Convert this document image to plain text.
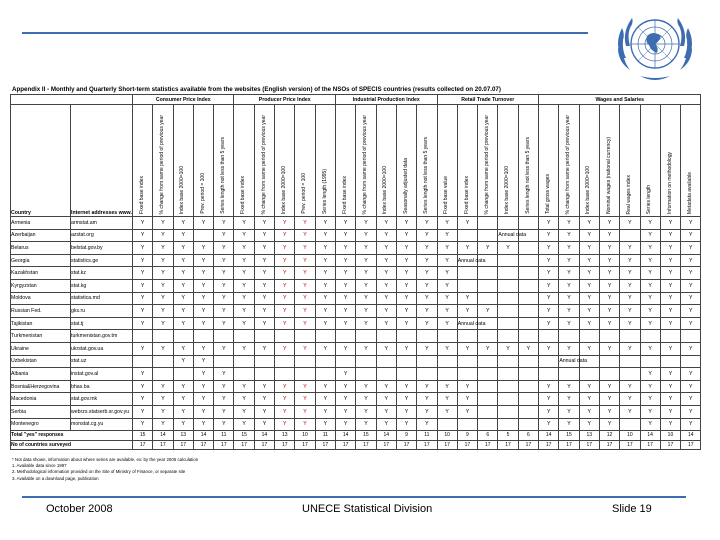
Appendix II - Monthly and Quarterly Short-term statistics available from the websites (English version) of the NSOs of SPECIS countries (results collected on 20.07.07)
		Consumer Price Index					Producer Price Index					Industrial Production Index					Retail Trade Turnover					Wages and Salaries							
Country	Internet addresses www.	Fixed base index	% change from same period of previous year	Index base 2000=100	Prev. period = 100	Series length not less than 5 years	Fixed base index	% change from same period of previous year	Index base 2000=100	Prev. period = 100	Series length (1995)	Fixed base index	% change from same period of previous year	Index base 2000=100	Seasonally adjusted data	Series length not less than 5 years	Fixed base value	Fixed base index	% change from same period of previous year	Index base 2000=100	Series length not less than 5 years	Total gross wages	% change from same period of previous year	Index base 2000=100	Nominal wages (national currency)	Real wages index	Series length	Information on methodology	Metadata available

Armenia	armstat.am	Y	Y	Y	Y	Y	Y	Y	Y	Y	Y	Y	Y	Y	Y	Y	Y	Y				Y	Y	Y	Y	Y	Y	Y	Y
Azerbaijan	azstat.org	Y	Y	Y		Y	Y	Y	Y	Y	Y	Y	Y	Y	Y	Y	Y			Annual data		Y	Y	Y	Y		Y	Y	Y
Belarus	belstat.gov.by	Y	Y	Y	Y	Y	Y	Y	Y	Y	Y	Y	Y	Y	Y	Y	Y	Y	Y	Y		Y	Y	Y	Y	Y	Y	Y	Y
Georgia	statistics.ge	Y	Y	Y	Y	Y	Y	Y	Y	Y	Y	Y	Y	Y	Y	Y	Y	Annual data				Y	Y	Y	Y	Y	Y	Y	Y
Kazakhstan	stat.kz	Y	Y	Y	Y	Y	Y	Y	Y	Y	Y	Y	Y	Y	Y	Y	Y					Y	Y	Y	Y	Y	Y	Y	Y
Kyrgyzstan	stat.kg	Y	Y	Y	Y	Y	Y	Y	Y	Y	Y	Y	Y	Y	Y	Y	Y					Y	Y	Y	Y	Y	Y	Y	Y
Moldova	statistica.md	Y	Y	Y	Y	Y	Y	Y	Y	Y	Y	Y	Y	Y	Y	Y	Y	Y				Y	Y	Y	Y	Y	Y	Y	Y
Russian Fed.	gks.ru	Y	Y	Y	Y	Y	Y	Y	Y	Y	Y	Y	Y	Y	Y	Y	Y	Y	Y			Y	Y	Y	Y	Y	Y	Y	Y
Tajikistan	stat.tj	Y	Y	Y	Y	Y	Y	Y	Y	Y	Y	Y	Y	Y	Y	Y	Y	Annual data				Y	Y	Y	Y	Y	Y	Y	Y
Turkmenistan	turkmenistan.gov.tm																												
Ukraine	ukrstat.gov.ua	Y	Y	Y	Y	Y	Y	Y	Y	Y	Y	Y	Y	Y	Y	Y	Y	Y	Y	Y	Y	Y	Y	Y	Y	Y	Y	Y	Y
Uzbekistan	stat.uz			Y	Y																		Annual data						
Albania	instat.gov.al	Y			Y	Y						Y															Y	Y	Y
Bosnia&Herzegovina	bhas.ba	Y	Y	Y	Y	Y	Y	Y	Y	Y	Y	Y	Y	Y	Y	Y	Y	Y				Y	Y	Y	Y	Y	Y	Y	Y
Macedonia	stat.gov.mk	Y	Y	Y	Y	Y	Y	Y	Y	Y	Y	Y	Y	Y	Y	Y	Y	Y				Y	Y	Y	Y	Y	Y	Y	Y
Serbia	webrzs.statserb.sr.gov.yu	Y	Y	Y	Y	Y	Y	Y	Y	Y	Y	Y	Y	Y	Y	Y	Y	Y				Y	Y	Y	Y	Y	Y	Y	Y
Montenegro	monstat.cg.yu	Y	Y	Y	Y	Y	Y	Y	Y	Y	Y	Y	Y	Y	Y	Y						Y	Y	Y	Y		Y	Y	Y
Total "yes" responses		15	14	13	14	11	15	14	13	10	11	14	15	14	9	11	10	9	6	5	6	14	15	13	12	10	14	10	14
No of countries surveyed		17	17	17	17	17	17	17	17	17	17	17	17	17	17	17	17	17	17	17	17	17	17	17	17	17	17	17	17
* Not data shown, information about where series are available, ex: by the year 2005 calculation
1. Available data since 1997
2. Methodological information provided on the Site of Ministry of Finance, or separate site
3. Available on a download page, publication
October 2008	UNECE Statistical Division	Slide 19
